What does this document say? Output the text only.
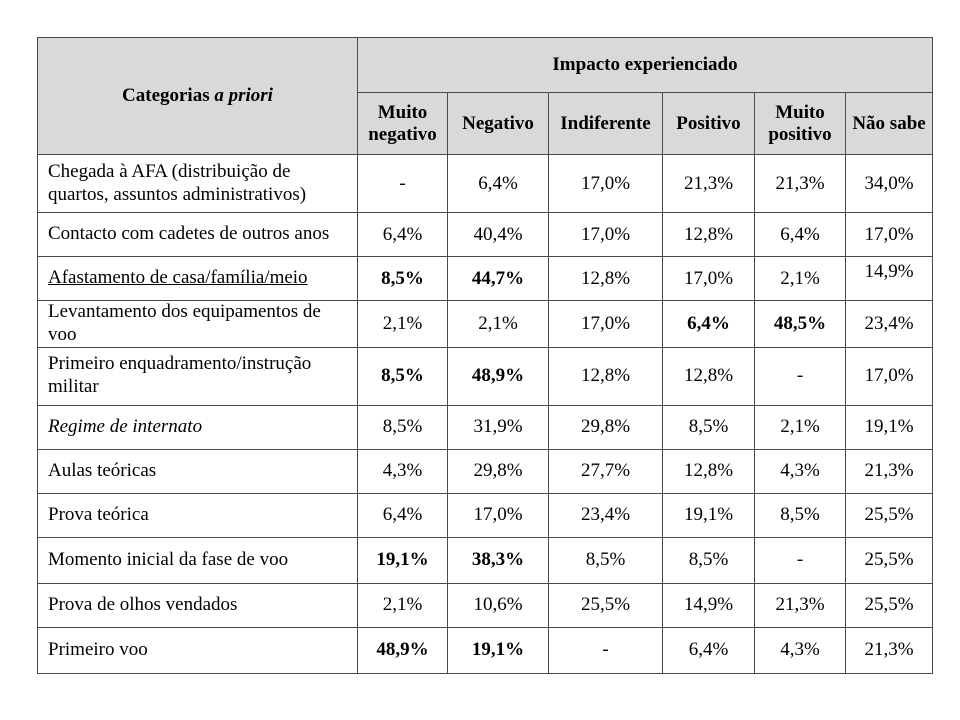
Categorias a priori	Impacto experienciado					
	Muito negativo	Negativo	Indiferente	Positivo	Muito positivo	Não sabe
Chegada à AFA (distribuição de quartos, assuntos administrativos)	-	6,4%	17,0%	21,3%	21,3%	34,0%
Contacto com cadetes de outros anos	6,4%	40,4%	17,0%	12,8%	6,4%	17,0%
Afastamento de casa/família/meio	8,5%	44,7%	12,8%	17,0%	2,1%	14,9%
Levantamento dos equipamentos de voo	2,1%	2,1%	17,0%	6,4%	48,5%	23,4%
Primeiro enquadramento/instrução militar	8,5%	48,9%	12,8%	12,8%	-	17,0%
Regime de internato	8,5%	31,9%	29,8%	8,5%	2,1%	19,1%
Aulas teóricas	4,3%	29,8%	27,7%	12,8%	4,3%	21,3%
Prova teórica	6,4%	17,0%	23,4%	19,1%	8,5%	25,5%
Momento inicial da fase de voo	19,1%	38,3%	8,5%	8,5%	-	25,5%
Prova de olhos vendados	2,1%	10,6%	25,5%	14,9%	21,3%	25,5%
Primeiro voo	48,9%	19,1%	-	6,4%	4,3%	21,3%
